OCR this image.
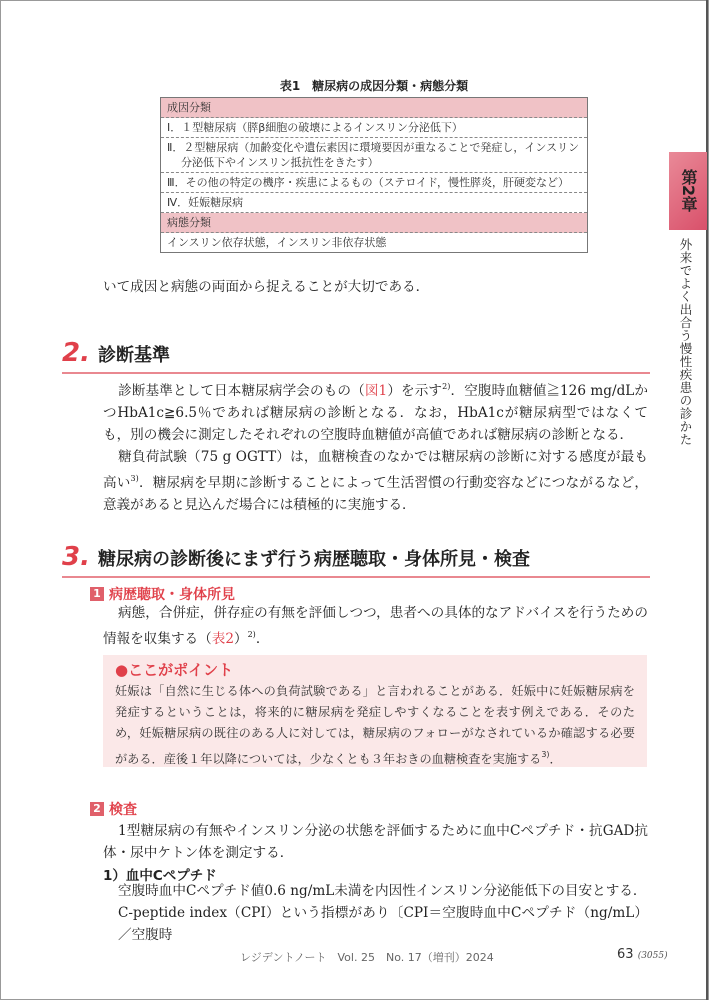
第2章
外来でよく出合う慢性疾患の診かた
表1　糖尿病の成因分類・病態分類
成因分類
Ⅰ．１型糖尿病（膵β細胞の破壊によるインスリン分泌低下）
Ⅱ．２型糖尿病（加齢変化や遺伝素因に環境要因が重なることで発症し，インスリン分泌低下やインスリン抵抗性をきたす）
Ⅲ．その他の特定の機序・疾患によるもの（ステロイド，慢性膵炎，肝硬変など）
Ⅳ．妊娠糖尿病
病態分類
インスリン依存状態，インスリン非依存状態
いて成因と病態の両面から捉えることが大切である．
2. 診断基準
診断基準として日本糖尿病学会のもの（図1）を示す$^{2)}$．空腹時血糖値≧126 mg/dLかつHbA1c≧6.5％であれば糖尿病の診断となる．なお，HbA1cが糖尿病型ではなくても，別の機会に測定したそれぞれの空腹時血糖値が高値であれば糖尿病の診断となる．
糖負荷試験（75 g OGTT）は，血糖検査のなかでは糖尿病の診断に対する感度が最も高い$^{3)}$．糖尿病を早期に診断することによって生活習慣の行動変容などにつながるなど，意義があると見込んだ場合には積極的に実施する．
3. 糖尿病の診断後にまず行う病歴聴取・身体所見・検査
1 病歴聴取・身体所見
病態，合併症，併存症の有無を評価しつつ，患者への具体的なアドバイスを行うための情報を収集する（表2）$^{2)}$．
●ここがポイント
妊娠は「自然に生じる体への負荷試験である」と言われることがある．妊娠中に妊娠糖尿病を発症するということは，将来的に糖尿病を発症しやすくなることを表す例えである．そのため，妊娠糖尿病の既往のある人に対しては，糖尿病のフォローがなされているか確認する必要がある．産後１年以降については，少なくとも３年おきの血糖検査を実施する$^{3)}$．
2 検査
1型糖尿病の有無やインスリン分泌の状態を評価するために血中Cペプチド・抗GAD抗体・尿中ケトン体を測定する．
1）血中Cペプチド
空腹時血中Cペプチド値0.6 ng/mL未満を内因性インスリン分泌能低下の目安とする．
C-peptide index（CPI）という指標があり〔CPI＝空腹時血中Cペプチド（ng/mL）／空腹時
レジデントノート　Vol. 25　No. 17（増刊）2024	63 (3055)
